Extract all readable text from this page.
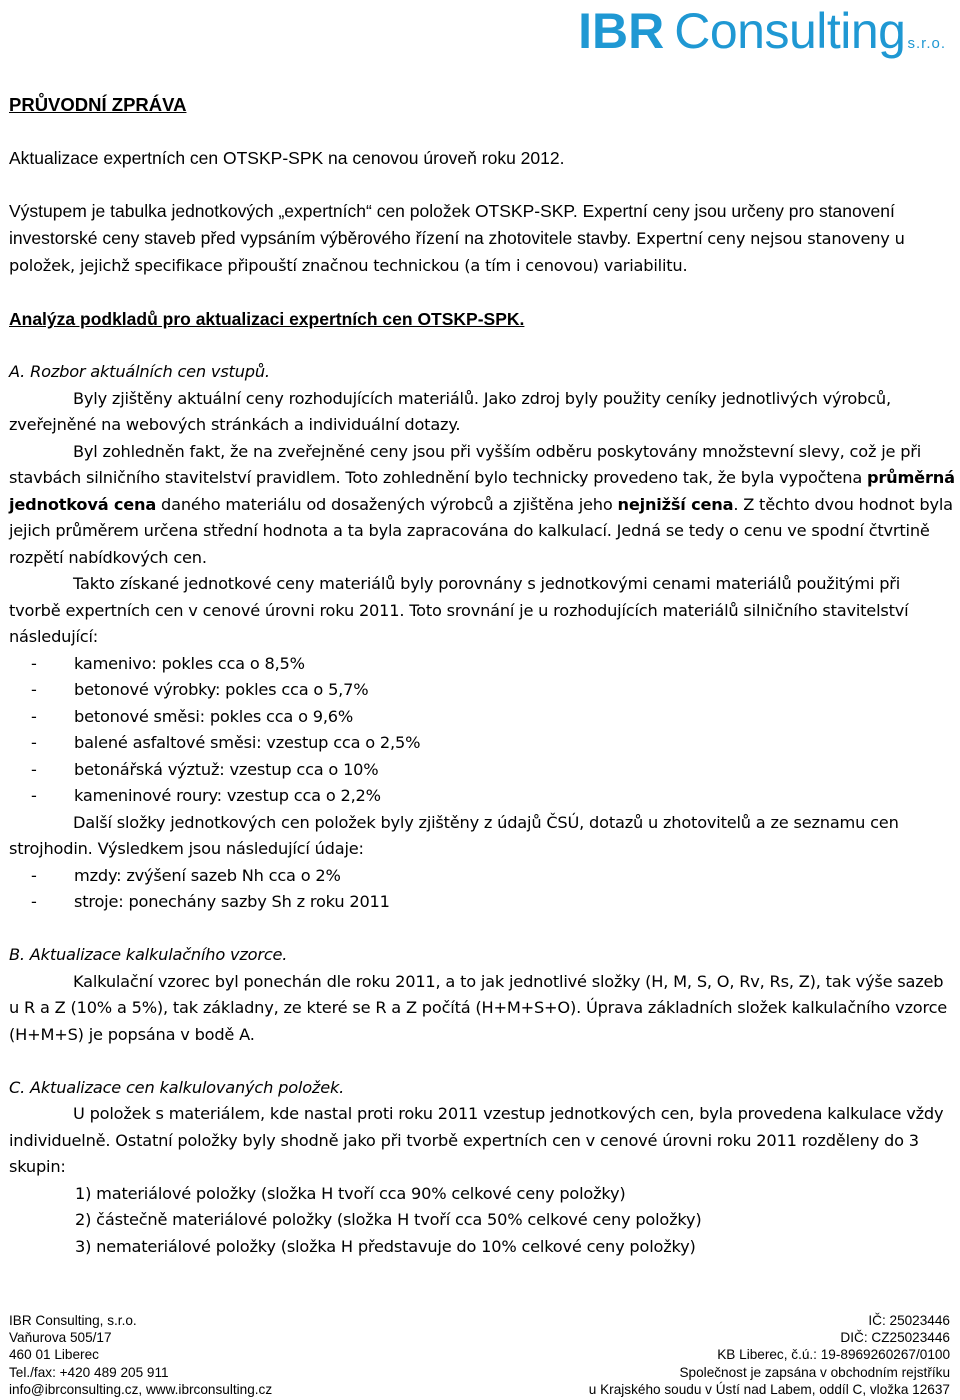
IBR Consulting s.r.o.

PRŮVODNÍ ZPRÁVA

Aktualizace expertních cen OTSKP-SPK na cenovou úroveň roku 2012.

Výstupem je tabulka jednotkových „expertních“ cen položek OTSKP-SKP. Expertní ceny jsou určeny pro stanovení investorské ceny staveb před vypsáním výběrového řízení na zhotovitele stavby. Expertní ceny nejsou stanoveny u položek, jejichž specifikace připouští značnou technickou (a tím i cenovou) variabilitu.

Analýza podkladů pro aktualizaci expertních cen OTSKP-SPK.

A. Rozbor aktuálních cen vstupů.

Byly zjištěny aktuální ceny rozhodujících materiálů. Jako zdroj byly použity ceníky jednotlivých výrobců, zveřejněné na webových stránkách a individuální dotazy.

Byl zohledněn fakt, že na zveřejněné ceny jsou při vyšším odběru poskytovány množstevní slevy, což je při stavbách silničního stavitelství pravidlem. Toto zohlednění bylo technicky provedeno tak, že byla vypočtena průměrná jednotková cena daného materiálu od dosažených výrobců a zjištěna jeho nejnižší cena. Z těchto dvou hodnot byla jejich průměrem určena střední hodnota a ta byla zapracována do kalkulací. Jedná se tedy o cenu ve spodní čtvrtině rozpětí nabídkových cen.

Takto získané jednotkové ceny materiálů byly porovnány s jednotkovými cenami materiálů použitými při tvorbě expertních cen v cenové úrovni roku 2011. Toto srovnání je u rozhodujících materiálů silničního stavitelství následující:

- kamenivo: pokles cca o 8,5%
- betonové výrobky: pokles cca o 5,7%
- betonové směsi: pokles cca o 9,6%
- balené asfaltové směsi: vzestup cca o 2,5%
- betonářská výztuž: vzestup cca o 10%
- kameninové roury: vzestup cca o 2,2%

Další složky jednotkových cen položek byly zjištěny z údajů ČSÚ, dotazů u zhotovitelů a ze seznamu cen strojhodin. Výsledkem jsou následující údaje:

- mzdy: zvýšení sazeb Nh cca o 2%
- stroje: ponechány sazby Sh z roku 2011

B. Aktualizace kalkulačního vzorce.

Kalkulační vzorec byl ponechán dle roku 2011, a to jak jednotlivé složky (H, M, S, O, Rv, Rs, Z), tak výše sazeb u R a Z (10% a 5%), tak základny, ze které se R a Z počítá (H+M+S+O). Úprava základních složek kalkulačního vzorce (H+M+S) je popsána v bodě A.

C. Aktualizace cen kalkulovaných položek.

U položek s materiálem, kde nastal proti roku 2011 vzestup jednotkových cen, byla provedena kalkulace vždy individuelně. Ostatní položky byly shodně jako při tvorbě expertních cen v cenové úrovni roku 2011 rozděleny do 3 skupin:

1) materiálové položky (složka H tvoří cca 90% celkové ceny položky)
2) částečně materiálové položky (složka H tvoří cca 50% celkové ceny položky)
3) nemateriálové položky (složka H představuje do 10% celkové ceny položky)
IBR Consulting, s.r.o.
Vaňurova 505/17
460 01 Liberec
Tel./fax: +420 489 205 911
info@ibrconsulting.cz, www.ibrconsulting.cz
IČ: 25023446
DIČ: CZ25023446
KB Liberec, č.ú.: 19-8969260267/0100
Společnost je zapsána v obchodním rejstříku
u Krajského soudu v Ústí nad Labem, oddíl C, vložka 12637
